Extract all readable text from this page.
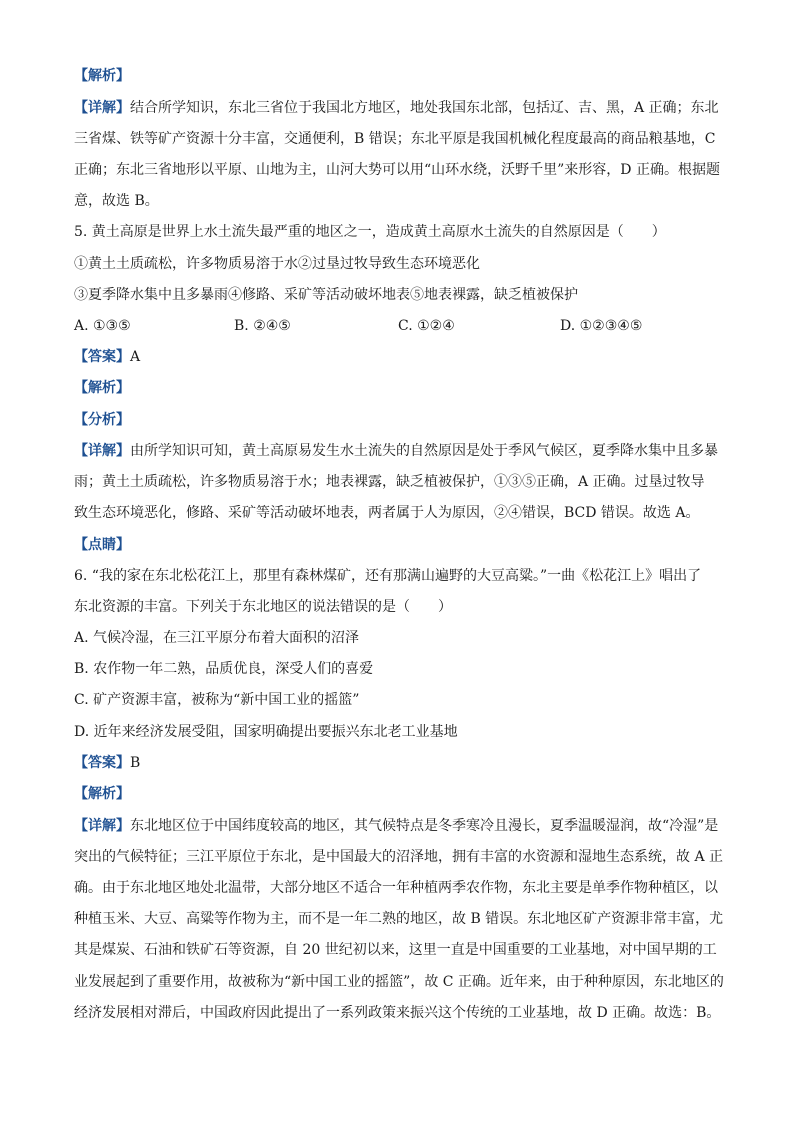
【解析】
【详解】结合所学知识，东北三省位于我国北方地区，地处我国东北部，包括辽、吉、黑，A 正确；东北
三省煤、铁等矿产资源十分丰富，交通便利，B 错误；东北平原是我国机械化程度最高的商品粮基地，C
正确；东北三省地形以平原、山地为主，山河大势可以用“山环水绕，沃野千里”来形容，D 正确。根据题
意，故选 B。
5. 黄土高原是世界上水土流失最严重的地区之一，造成黄土高原水土流失的自然原因是（　　）
①黄土土质疏松，许多物质易溶于水②过垦过牧导致生态环境恶化
③夏季降水集中且多暴雨④修路、采矿等活动破坏地表⑤地表裸露，缺乏植被保护
A. ①③⑤	B. ②④⑤	C. ①②④	D. ①②③④⑤
【答案】A
【解析】
【分析】
【详解】由所学知识可知，黄土高原易发生水土流失的自然原因是处于季风气候区，夏季降水集中且多暴
雨；黄土土质疏松，许多物质易溶于水；地表裸露，缺乏植被保护，①③⑤正确，A 正确。过垦过牧导
致生态环境恶化，修路、采矿等活动破坏地表，两者属于人为原因，②④错误，BCD 错误。故选 A。
【点睛】
6. “我的家在东北松花江上，那里有森林煤矿，还有那满山遍野的大豆高粱。”一曲《松花江上》唱出了
东北资源的丰富。下列关于东北地区的说法错误的是（　　）
A. 气候冷湿，在三江平原分布着大面积的沼泽
B. 农作物一年二熟，品质优良，深受人们的喜爱
C. 矿产资源丰富，被称为“新中国工业的摇篮”
D. 近年来经济发展受阻，国家明确提出要振兴东北老工业基地
【答案】B
【解析】
【详解】东北地区位于中国纬度较高的地区，其气候特点是冬季寒冷且漫长，夏季温暖湿润，故“冷湿”是
突出的气候特征；三江平原位于东北，是中国最大的沼泽地，拥有丰富的水资源和湿地生态系统，故 A 正
确。由于东北地区地处北温带，大部分地区不适合一年种植两季农作物，东北主要是单季作物种植区，以
种植玉米、大豆、高粱等作物为主，而不是一年二熟的地区，故 B 错误。东北地区矿产资源非常丰富，尤
其是煤炭、石油和铁矿石等资源，自 20 世纪初以来，这里一直是中国重要的工业基地，对中国早期的工
业发展起到了重要作用，故被称为“新中国工业的摇篮”，故 C 正确。近年来，由于种种原因，东北地区的
经济发展相对滞后，中国政府因此提出了一系列政策来振兴这个传统的工业基地，故 D 正确。故选：B。
